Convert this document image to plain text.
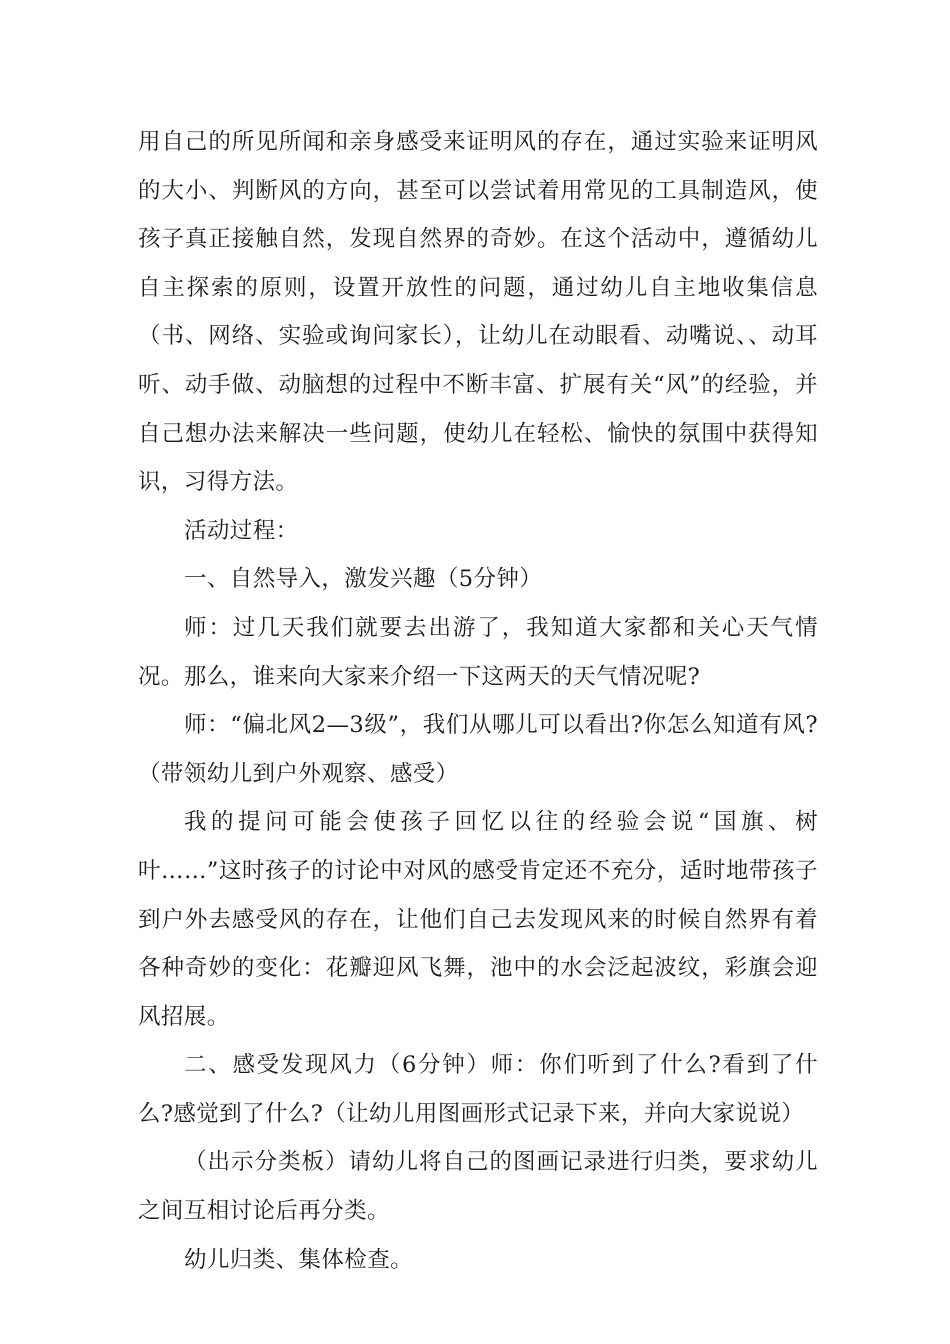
用自己的所见所闻和亲身感受来证明风的存在，通过实验来证明风的大小、判断风的方向，甚至可以尝试着用常见的工具制造风，使孩子真正接触自然，发现自然界的奇妙。在这个活动中，遵循幼儿自主探索的原则，设置开放性的问题，通过幼儿自主地收集信息（书、网络、实验或询问家长），让幼儿在动眼看、动嘴说、、动耳听、动手做、动脑想的过程中不断丰富、扩展有关“风”的经验，并自己想办法来解决一些问题，使幼儿在轻松、愉快的氛围中获得知识，习得方法。

活动过程：

一、自然导入，激发兴趣（5分钟）

师：过几天我们就要去出游了，我知道大家都和关心天气情况。那么，谁来向大家来介绍一下这两天的天气情况呢?

师：“偏北风2—3级”，我们从哪儿可以看出?你怎么知道有风?（带领幼儿到户外观察、感受）

我的提问可能会使孩子回忆以往的经验会说“国旗、树叶……”这时孩子的讨论中对风的感受肯定还不充分，适时地带孩子到户外去感受风的存在，让他们自己去发现风来的时候自然界有着各种奇妙的变化：花瓣迎风飞舞，池中的水会泛起波纹，彩旗会迎风招展。

二、感受发现风力（6分钟）师：你们听到了什么?看到了什么?感觉到了什么?（让幼儿用图画形式记录下来，并向大家说说）

（出示分类板）请幼儿将自己的图画记录进行归类，要求幼儿之间互相讨论后再分类。

幼儿归类、集体检查。
